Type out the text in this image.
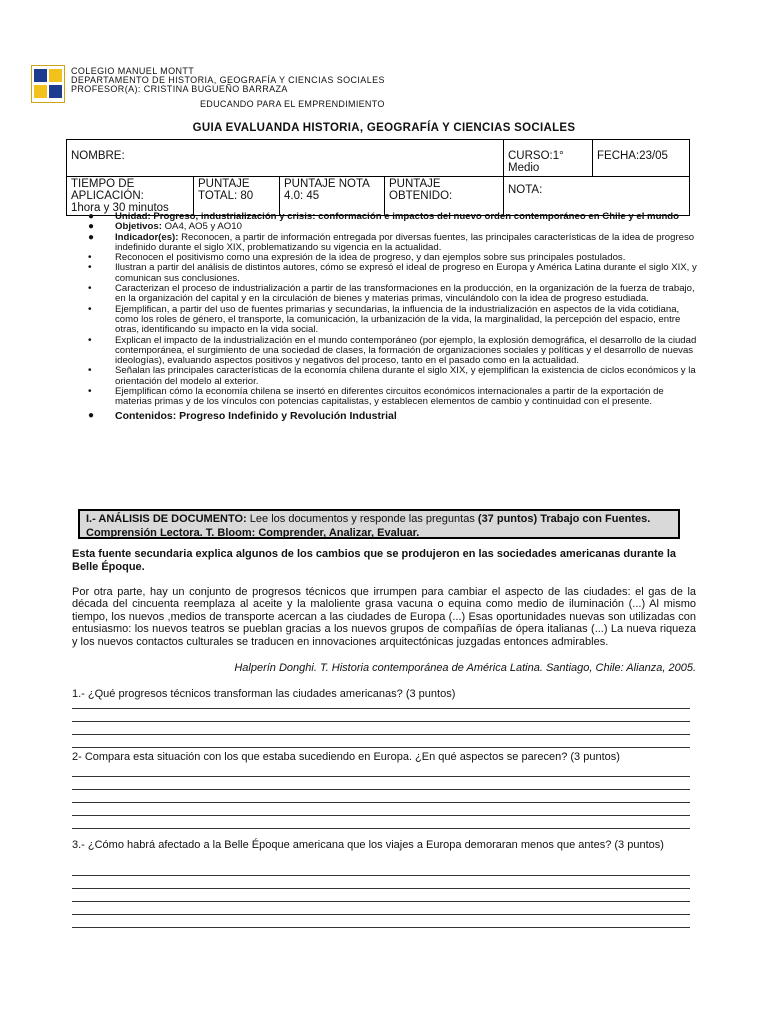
COLEGIO MANUEL MONTT
DEPARTAMENTO DE HISTORIA, GEOGRAFÍA Y CIENCIAS SOCIALES
PROFESOR(A): CRISTINA BUGUEÑO BARRAZA
EDUCANDO PARA EL EMPRENDIMIENTO
GUIA EVALUANDA HISTORIA, GEOGRAFÍA Y CIENCIAS SOCIALES
NOMBRE:				CURSO:1° Medio	FECHA:23/05

TIEMPO DE APLICACIÓN:
1hora y 30 minutos	PUNTAJE TOTAL: 80	PUNTAJE NOTA 4.0: 45	PUNTAJE OBTENIDO:	NOTA:	
● Unidad: Progreso, industrialización y crisis: conformación e impactos del nuevo orden contemporáneo en Chile y el mundo
● Objetivos: OA4, AO5 y AO10
● Indicador(es): Reconocen, a partir de información entregada por diversas fuentes, las principales características de la idea de progreso indefinido durante el siglo XIX, problematizando su vigencia en la actualidad.
• Reconocen el positivismo como una expresión de la idea de progreso, y dan ejemplos sobre sus principales postulados.
• Ilustran a partir del análisis de distintos autores, cómo se expresó el ideal de progreso en Europa y América Latina durante el siglo XIX, y comunican sus conclusiones.
• Caracterizan el proceso de industrialización a partir de las transformaciones en la producción, en la organización de la fuerza de trabajo, en la organización del capital y en la circulación de bienes y materias primas, vinculándolo con la idea de progreso estudiada.
• Ejemplifican, a partir del uso de fuentes primarias y secundarias, la influencia de la industrialización en aspectos de la vida cotidiana, como los roles de género, el transporte, la comunicación, la urbanización de la vida, la marginalidad, la percepción del espacio, entre otras, identificando su impacto en la vida social.
• Explican el impacto de la industrialización en el mundo contemporáneo (por ejemplo, la explosión demográfica, el desarrollo de la ciudad contemporánea, el surgimiento de una sociedad de clases, la formación de organizaciones sociales y políticas y el desarrollo de nuevas ideologías), evaluando aspectos positivos y negativos del proceso, tanto en el pasado como en la actualidad.
• Señalan las principales características de la economía chilena durante el siglo XIX, y ejemplifican la existencia de ciclos económicos y la orientación del modelo al exterior.
• Ejemplifican cómo la economía chilena se insertó en diferentes circuitos económicos internacionales a partir de la exportación de materias primas y de los vínculos con potencias capitalistas, y establecen elementos de cambio y continuidad con el presente.
● Contenidos: Progreso Indefinido y Revolución Industrial
I.- ANÁLISIS DE DOCUMENTO: Lee los documentos y responde las preguntas (37 puntos) Trabajo con Fuentes. Comprensión Lectora. T. Bloom: Comprender, Analizar, Evaluar.
Esta fuente secundaria explica algunos de los cambios que se produjeron en las sociedades americanas durante la Belle Époque.
Por otra parte, hay un conjunto de progresos técnicos que irrumpen para cambiar el aspecto de las ciudades: el gas de la década del cincuenta reemplaza al aceite y la maloliente grasa vacuna o equina como medio de iluminación (...) Al mismo tiempo, los nuevos ,medios de transporte acercan a las ciudades de Europa (...) Esas oportunidades nuevas son utilizadas con entusiasmo: los nuevos teatros se pueblan gracias a los nuevos grupos de compañías de ópera italianas (...) La nueva riqueza y los nuevos contactos culturales se traducen en innovaciones arquitectónicas juzgadas entonces admirables.
Halperín Donghi. T. Historia contemporánea de América Latina. Santiago, Chile: Alianza, 2005.
1.- ¿Qué progresos técnicos transforman las ciudades americanas? (3 puntos)
2- Compara esta situación con los que estaba sucediendo en Europa. ¿En qué aspectos se parecen? (3 puntos)
3.- ¿Cómo habrá afectado a la Belle Époque americana que los viajes a Europa demoraran menos que antes? (3 puntos)
